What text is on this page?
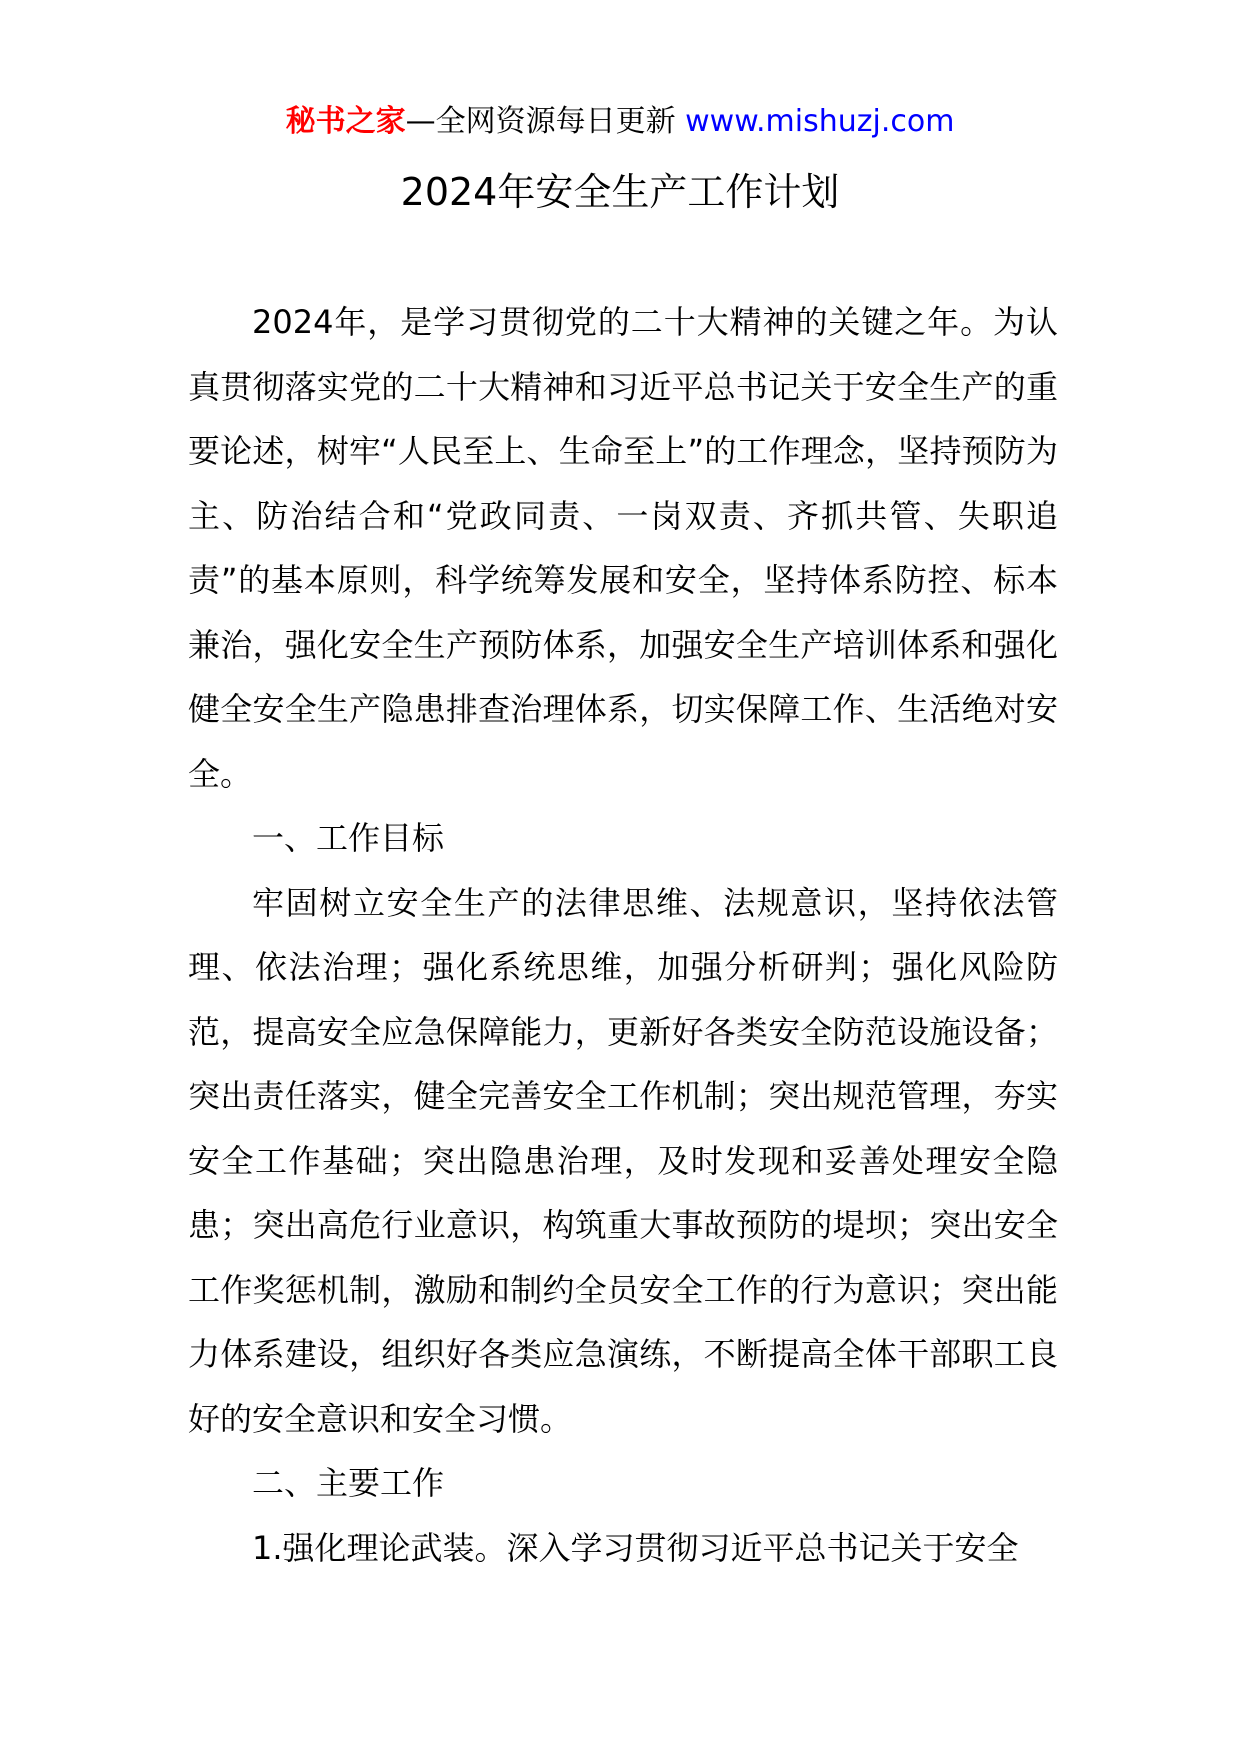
秘书之家—全网资源每日更新 www.mishuzj.com
2024年安全生产工作计划

2024年，是学习贯彻党的二十大精神的关键之年。为认真贯彻落实党的二十大精神和习近平总书记关于安全生产的重要论述，树牢“人民至上、生命至上”的工作理念，坚持预防为主、防治结合和“党政同责、一岗双责、齐抓共管、失职追责”的基本原则，科学统筹发展和安全，坚持体系防控、标本兼治，强化安全生产预防体系，加强安全生产培训体系和强化健全安全生产隐患排查治理体系，切实保障工作、生活绝对安全。

一、工作目标

牢固树立安全生产的法律思维、法规意识，坚持依法管理、依法治理；强化系统思维，加强分析研判；强化风险防范，提高安全应急保障能力，更新好各类安全防范设施设备；突出责任落实，健全完善安全工作机制；突出规范管理，夯实安全工作基础；突出隐患治理，及时发现和妥善处理安全隐患；突出高危行业意识，构筑重大事故预防的堤坝；突出安全工作奖惩机制，激励和制约全员安全工作的行为意识；突出能力体系建设，组织好各类应急演练，不断提高全体干部职工良好的安全意识和安全习惯。

二、主要工作

1.强化理论武装。深入学习贯彻习近平总书记关于安全
